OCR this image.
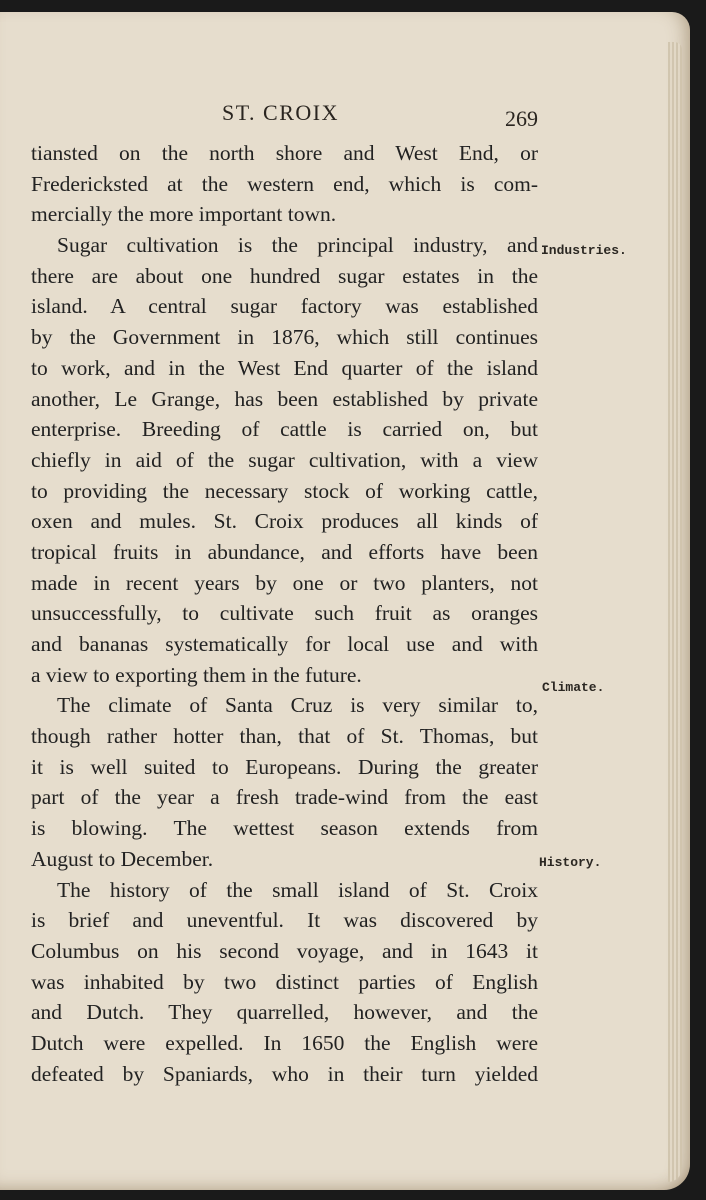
ST. CROIX	269
tiansted on the north shore and West End, or
Fredericksted at the western end, which is com-
mercially the more important town.
Sugar cultivation is the principal industry, and
there are about one hundred sugar estates in the
island. A central sugar factory was established
by the Government in 1876, which still continues
to work, and in the West End quarter of the island
another, Le Grange, has been established by private
enterprise. Breeding of cattle is carried on, but
chiefly in aid of the sugar cultivation, with a view
to providing the necessary stock of working cattle,
oxen and mules. St. Croix produces all kinds of
tropical fruits in abundance, and efforts have been
made in recent years by one or two planters, not
unsuccessfully, to cultivate such fruit as oranges
and bananas systematically for local use and with
a view to exporting them in the future.
The climate of Santa Cruz is very similar to,
though rather hotter than, that of St. Thomas, but
it is well suited to Europeans. During the greater
part of the year a fresh trade-wind from the east
is blowing. The wettest season extends from
August to December.
The history of the small island of St. Croix
is brief and uneventful. It was discovered by
Columbus on his second voyage, and in 1643 it
was inhabited by two distinct parties of English
and Dutch. They quarrelled, however, and the
Dutch were expelled. In 1650 the English were
defeated by Spaniards, who in their turn yielded
Industries.
Climate.
History.
